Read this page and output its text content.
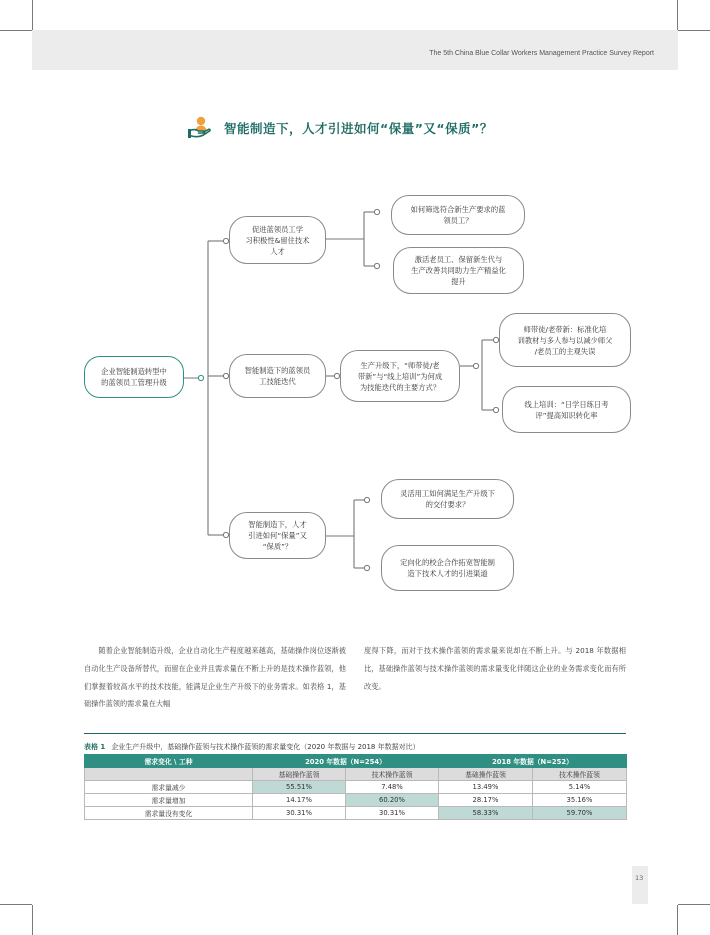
The 5th China Blue Collar Workers Management Practice Survey Report
智能制造下，人才引进如何“保量”又“保质”？
企业智能制造转型中
的蓝领员工管理升级
促进蓝领员工学
习积极性&留住技术
人才
如何筛选符合新生产要求的蓝
领员工？
激活老员工、保留新生代与
生产改善共同助力生产精益化
提升
智能制造下的蓝领员
工技能迭代
生产升级下，“师带徒/老
带新”与“线上培训”为何成
为技能迭代的主要方式？
师带徒/老带新：标准化培
训教材与多人参与以减少师父
/老员工的主观失误
线上培训：“日学日练日考
评”提高知识转化率
智能制造下，人才
引进如何“保量”又
“保质”？
灵活用工如何满足生产升级下
的交付要求？
定向化的校企合作拓宽智能制
造下技术人才的引进渠道
随着企业智能制造升级，企业自动化生产程度越来越高，基础操作岗位逐渐被自动化生产设备所替代，而留在企业并且需求量在不断上升的是技术操作蓝领，他们掌握着较高水平的技术技能，能满足企业生产升级下的业务需求。如表格 1，基础操作蓝领的需求量在大幅
度得下降，而对于技术操作蓝领的需求量来说却在不断上升。与 2018 年数据相比，基础操作蓝领与技术操作蓝领的需求量变化伴随这企业的业务需求变化而有所改变。
表格 1 企业生产升级中，基础操作蓝领与技术操作蓝领的需求量变化（2020 年数据与 2018 年数据对比）
需求变化 \ 工种	2020 年数据（N=254）		2018 年数据（N=252）	
	基础操作蓝领	技术操作蓝领	基础操作蓝领	技术操作蓝领
需求量减少	55.51%	7.48%	13.49%	5.14%
需求量增加	14.17%	60.20%	28.17%	35.16%
需求量没有变化	30.31%	30.31%	58.33%	59.70%
13
